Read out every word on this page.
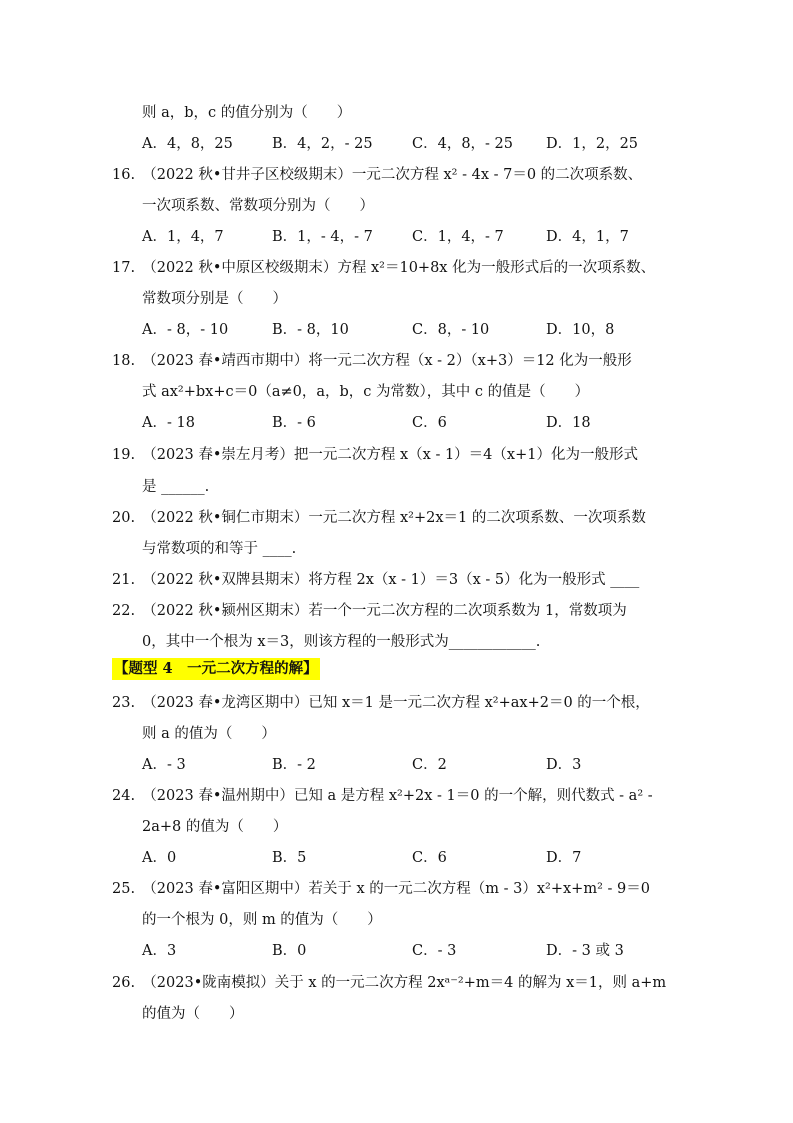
则 a，b，c 的值分别为（　　）
A．4，8，25	B．4，2，- 25	C．4，8，- 25 D．1，2，25
16.　（2022 秋•甘井子区校级期末）一元二次方程 x² - 4x - 7＝0 的二次项系数、
一次项系数、常数项分别为（　　）
A．1，4，7	B．1，- 4，- 7	C．1，4，- 7	D．4，1，7
17.　（2022 秋•中原区校级期末）方程 x²＝10+8x 化为一般形式后的一次项系数、
常数项分别是（　　）
A．- 8，- 10	B．- 8，10	C．8，- 10	D．10，8
18.　（2023 春•靖西市期中）将一元二次方程（x - 2）（x+3）＝12 化为一般形
式 ax²+bx+c＝0（a≠0，a，b，c 为常数），其中 c 的值是（　　）
A．- 18	B．- 6	C．6	D．18
19.　（2023 春•崇左月考）把一元二次方程 x（x - 1）＝4（x+1）化为一般形式
是 ______.
20.　（2022 秋•铜仁市期末）一元二次方程 x²+2x＝1 的二次项系数、一次项系数
与常数项的和等于 ____.
21.　（2022 秋•双牌县期末）将方程 2x（x - 1）＝3（x - 5）化为一般形式 ____
22.　（2022 秋•颍州区期末）若一个一元二次方程的二次项系数为 1，常数项为
0，其中一个根为 x＝3，则该方程的一般形式为____________.
【题型 4　一元二次方程的解】
23.　（2023 春•龙湾区期中）已知 x＝1 是一元二次方程 x²+ax+2＝0 的一个根，
则 a 的值为（　　）
A．- 3	B．- 2	C．2	D．3
24.　（2023 春•温州期中）已知 a 是方程 x²+2x - 1＝0 的一个解，则代数式 - a² -
2a+8 的值为（　　）
A．0	B．5	C．6	D．7
25.　（2023 春•富阳区期中）若关于 x 的一元二次方程（m - 3）x²+x+m² - 9＝0
的一个根为 0，则 m 的值为（　　）
A．3	B．0	C．- 3	D．- 3 或 3
26.　（2023•陇南模拟）关于 x 的一元二次方程 2xᵃ⁻²+m＝4 的解为 x＝1，则 a+m
的值为（　　）
